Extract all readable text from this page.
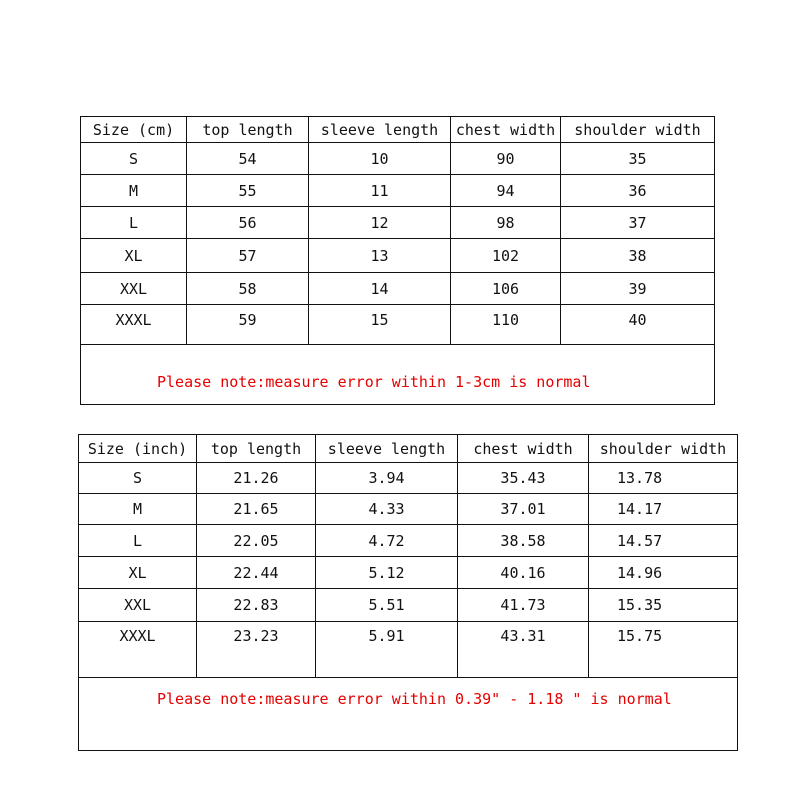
Size (cm)	top length	sleeve length	chest width	shoulder width
S	54	10	90	35
M	55	11	94	36
L	56	12	98	37
XL	57	13	102	38
XXL	58	14	106	39
XXXL	59	15	110	40
Please note:measure error within 1-3cm is normal				
Size (inch)	top length	sleeve length	chest width	shoulder width
S	21.26	3.94	35.43	13.78
M	21.65	4.33	37.01	14.17
L	22.05	4.72	38.58	14.57
XL	22.44	5.12	40.16	14.96
XXL	22.83	5.51	41.73	15.35
XXXL	23.23	5.91	43.31	15.75
Please note:measure error within 0.39" - 1.18 " is normal				
